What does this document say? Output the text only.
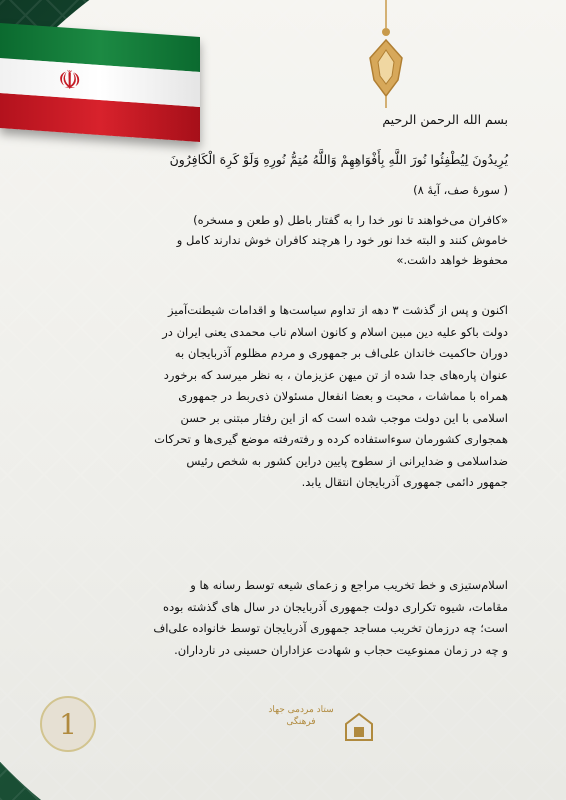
☫
بسم الله الرحمن الرحیم
يُرِيدُونَ لِيُطْفِئُوا نُورَ اللَّهِ بِأَفْوَاهِهِمْ وَاللَّهُ مُتِمُّ نُورِهِ وَلَوْ كَرِهَ الْكَافِرُونَ
( سورۀ صف، آیۀ ۸)
«کافران می‌خواهند تا نور خدا را به گفتار باطل (و طعن و مسخره) خاموش کنند و البته خدا نور خود را هرچند کافران خوش ندارند کامل و محفوظ خواهد داشت.»
اکنون و پس از گذشت ۳ دهه از تداوم سیاست‌ها و اقدامات شیطنت‌آمیز دولت باکو علیه دین مبین اسلام و کانون اسلام ناب محمدی یعنی ایران در دوران حاکمیت خاندان علی‌اف بر جمهوری و مردم مظلوم آذربایجان به عنوان پاره‌های جدا شده از تن میهن عزیزمان ، به نظر میرسد که برخورد همراه با مماشات ، محبت و بعضا انفعال مسئولان ذی‌ربط در جمهوری اسلامی با این دولت موجب شده است که از این رفتار مبتنی بر حسن همجواری کشورمان سوءاستفاده کرده و رفته‌رفته موضع گیری‌ها و تحرکات ضداسلامی و ضدایرانی از سطوح پایین دراین کشور به شخص رئیس جمهور دائمی جمهوری آذربایجان انتقال یابد.
اسلام‌ستیزی و خط تخریب مراجع و زعمای شیعه توسط رسانه ها و مقامات، شیوه تکراری دولت جمهوری آذربایجان در سال های گذشته بوده است؛ چه درزمان تخریب مساجد جمهوری آذربایجان توسط خانواده علی‌اف و چه در زمان ممنوعیت حجاب و شهادت عزاداران حسینی در نارداران.
1	ستاد مردمی جهاد فرهنگی
